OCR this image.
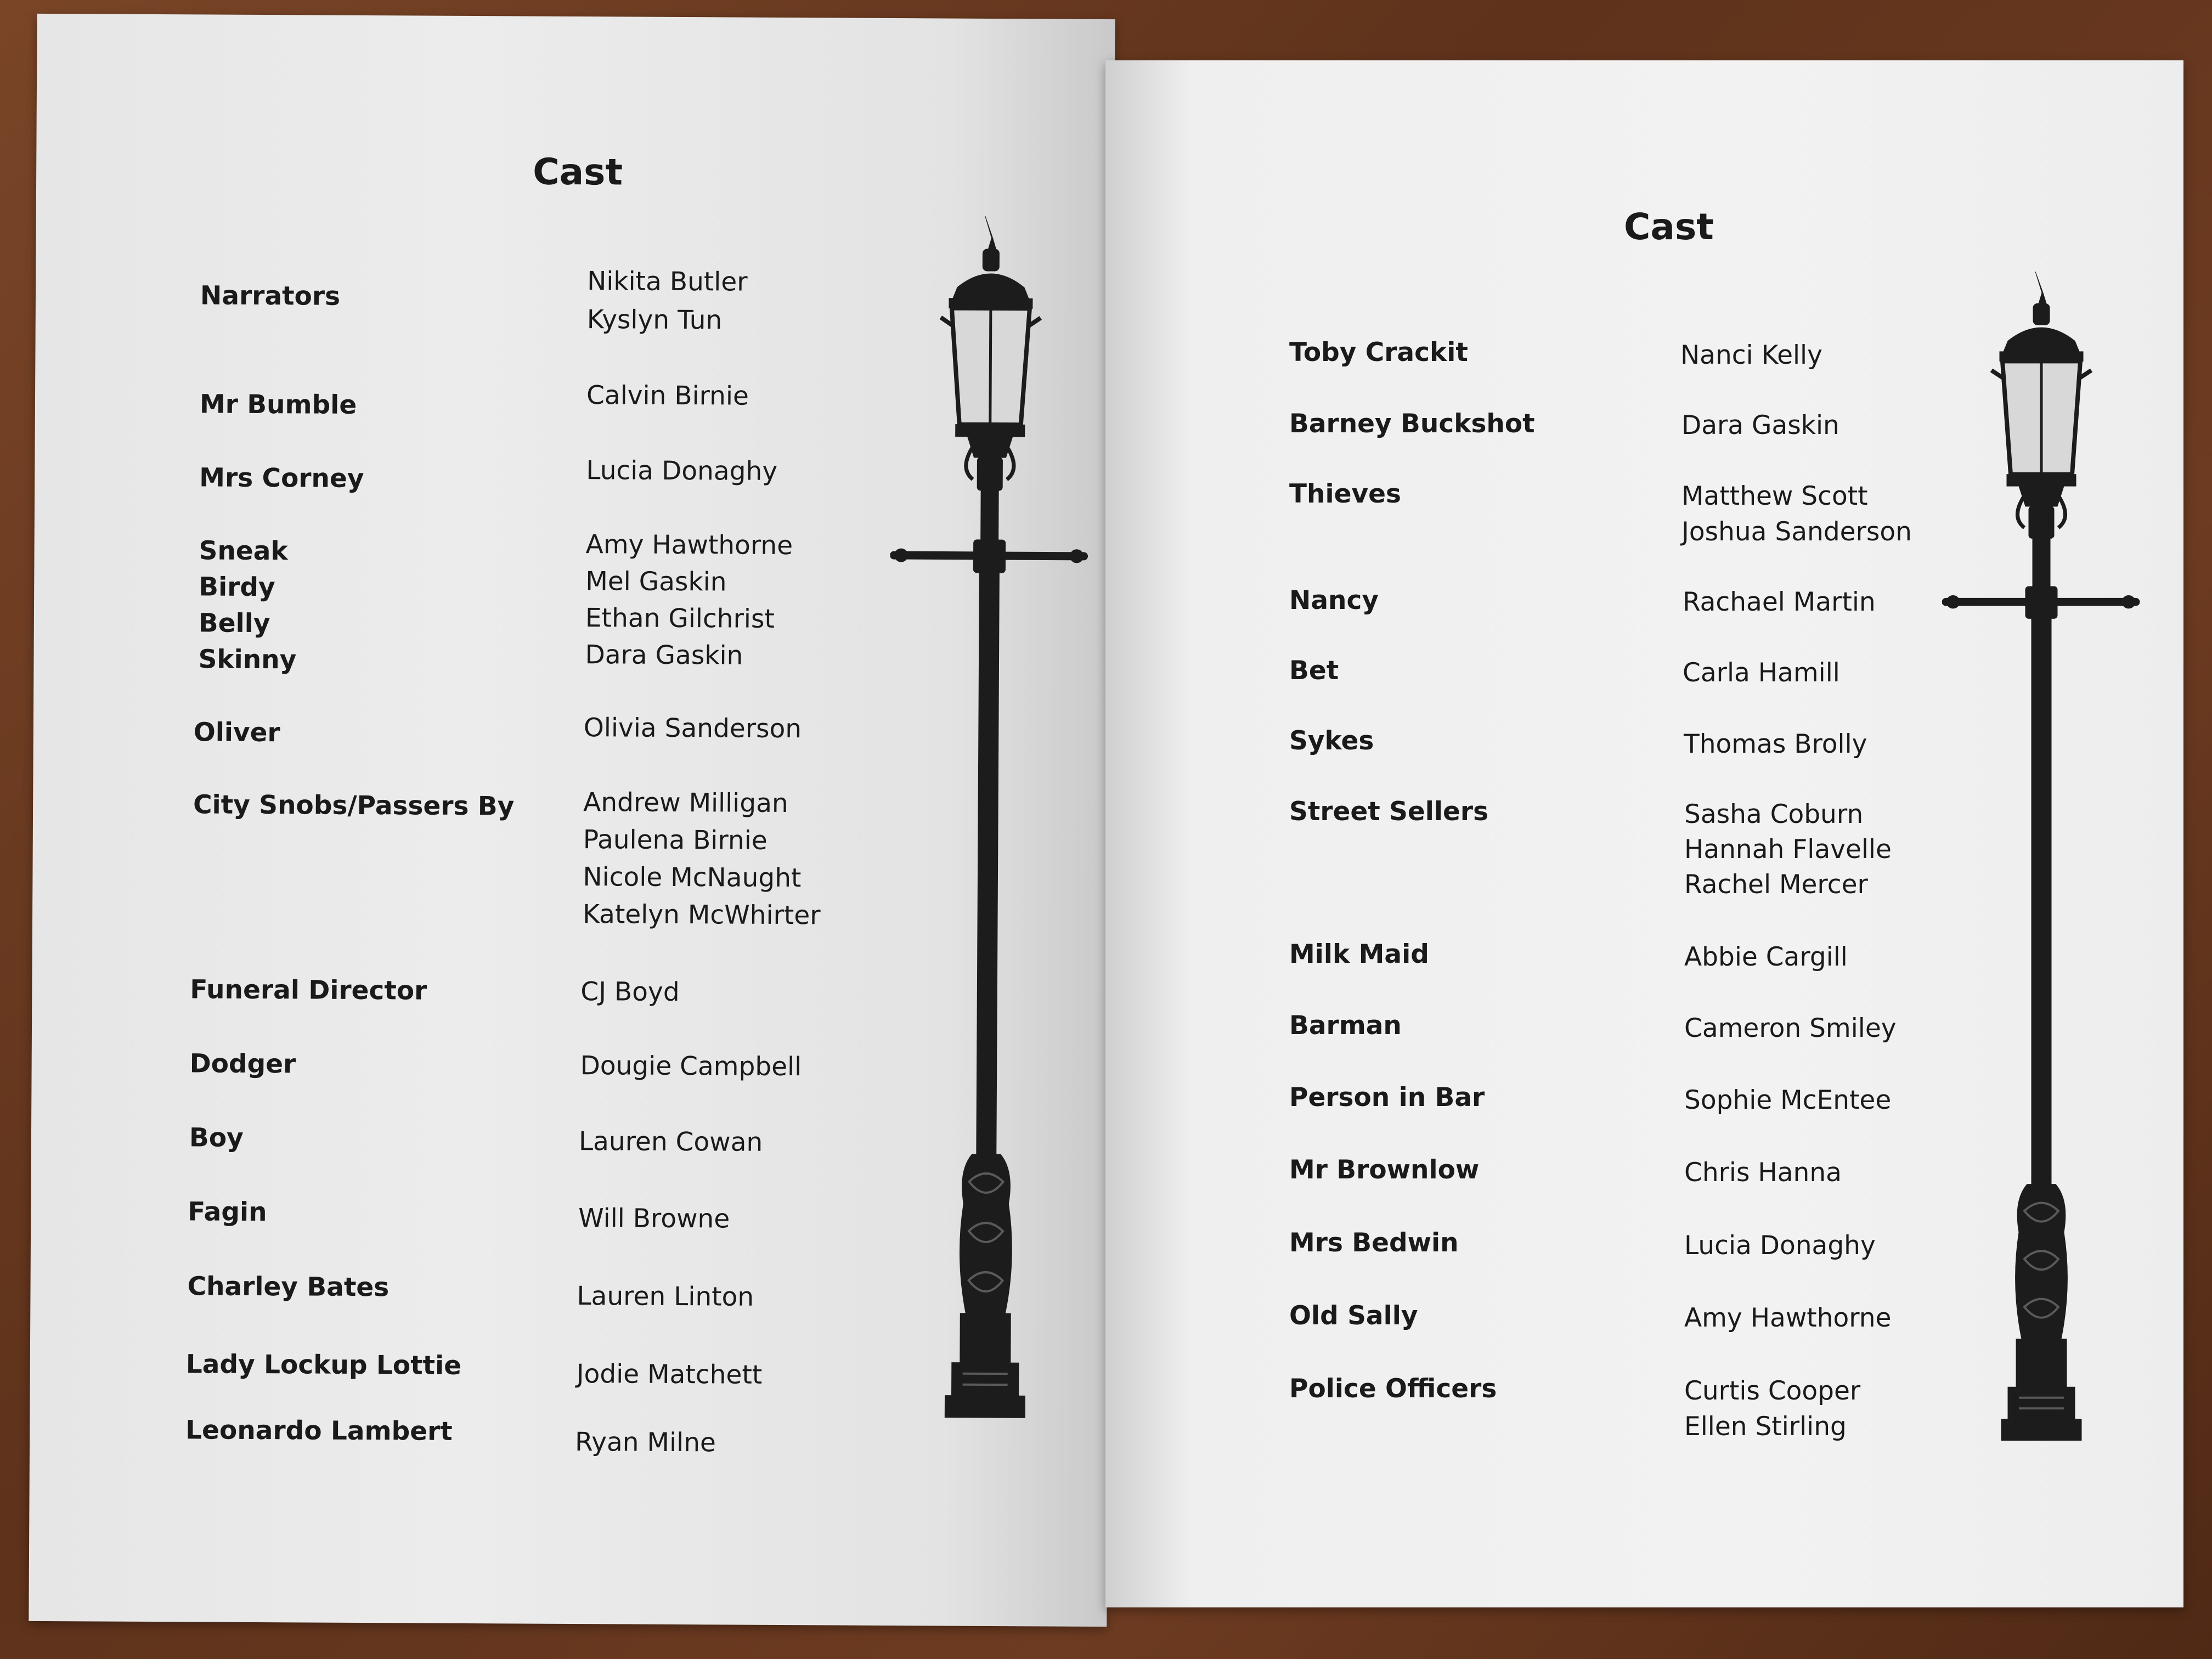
Cast

Narrators	Nikita Butler

Kyslyn Tun

Mr Bumble	Calvin Birnie

Mrs Corney	Lucia Donaghy

Sneak	Amy Hawthorne

Birdy	Mel Gaskin

Belly	Ethan Gilchrist

Skinny	Dara Gaskin

Oliver	Olivia Sanderson

City Snobs/Passers By	Andrew Milligan

Paulena Birnie

Nicole McNaught

Katelyn McWhirter

Funeral Director	CJ Boyd

Dodger	Dougie Campbell

Boy	Lauren Cowan

Fagin	Will Browne

Charley Bates	Lauren Linton

Lady Lockup Lottie	Jodie Matchett

Leonardo Lambert	Ryan Milne

Cast

Toby Crackit	Nanci Kelly

Barney Buckshot	Dara Gaskin

Thieves	Matthew Scott

Joshua Sanderson

Nancy	Rachael Martin

Bet	Carla Hamill

Sykes	Thomas Brolly

Street Sellers	Sasha Coburn

Hannah Flavelle

Rachel Mercer

Milk Maid	Abbie Cargill

Barman	Cameron Smiley

Person in Bar	Sophie McEntee

Mr Brownlow	Chris Hanna

Mrs Bedwin	Lucia Donaghy

Old Sally	Amy Hawthorne

Police Officers	Curtis Cooper

Ellen Stirling
